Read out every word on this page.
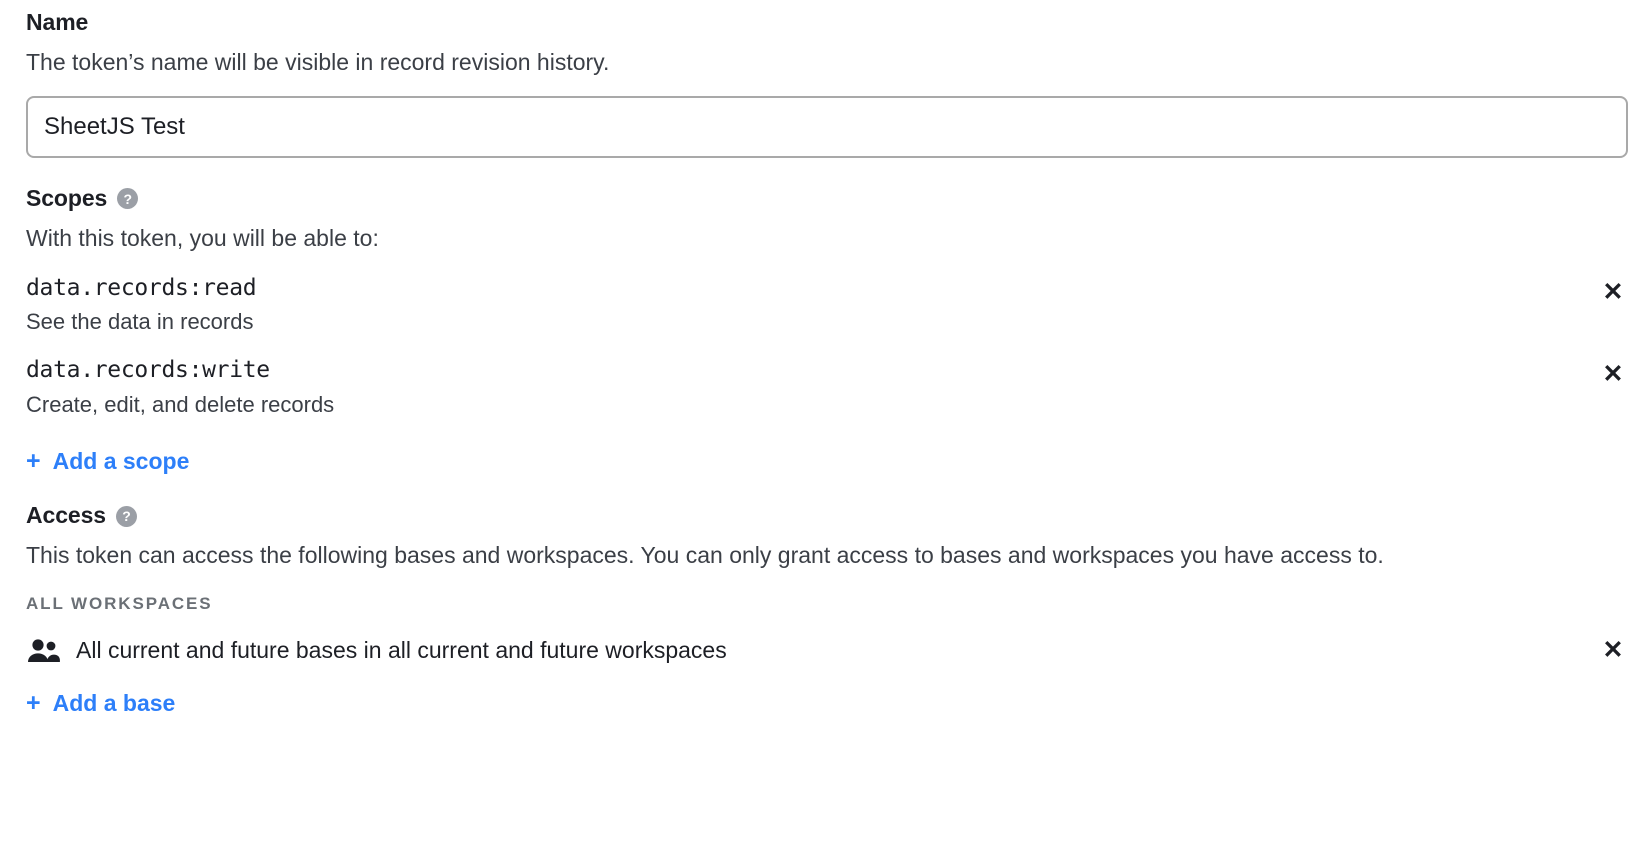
Name

The token’s name will be visible in record revision history.

SheetJS Test
Scopes	?

With this token, you will be able to:

data.records:read
See the data in records
✕
data.records:write
Create, edit, and delete records
✕
+ Add a scope
Access	?

This token can access the following bases and workspaces. You can only grant access to bases and workspaces you have access to.

ALL WORKSPACES
All current and future bases in all current and future workspaces	✕
+ Add a base
